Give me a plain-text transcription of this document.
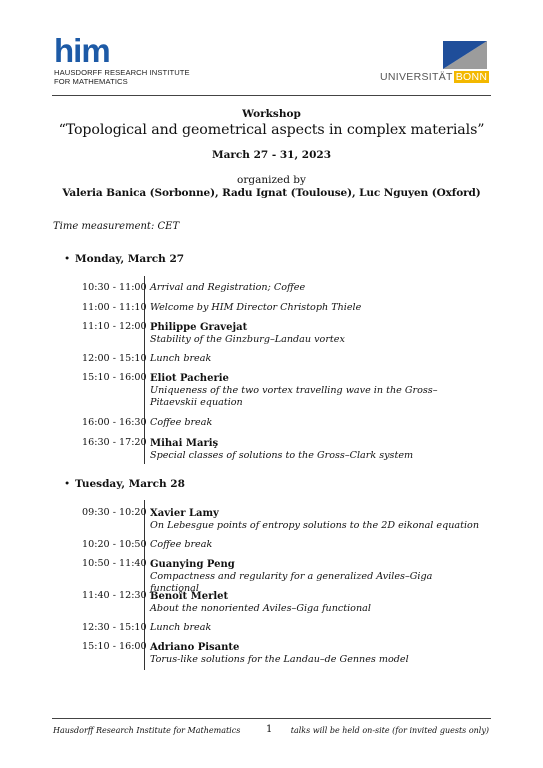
him
HAUSDORFF RESEARCH INSTITUTE
FOR MATHEMATICS	UNIVERSITÄT BONN
Workshop
“Topological and geometrical aspects in complex materials”
March 27 - 31, 2023
organized by
Valeria Banica (Sorbonne), Radu Ignat (Toulouse), Luc Nguyen (Oxford)
Time measurement: CET
• Monday, March 27
10:30 - 11:00 Arrival and Registration; Coffee
11:00 - 11:10 Welcome by HIM Director Christoph Thiele
11:10 - 12:00 Philippe Gravejat
Stability of the Ginzburg–Landau vortex
12:00 - 15:10 Lunch break
15:10 - 16:00 Eliot Pacherie
Uniqueness of the two vortex travelling wave in the Gross–Pitaevskii equation
16:00 - 16:30 Coffee break
16:30 - 17:20 Mihai Mariş
Special classes of solutions to the Gross–Clark system
• Tuesday, March 28
09:30 - 10:20 Xavier Lamy
On Lebesgue points of entropy solutions to the 2D eikonal equation
10:20 - 10:50 Coffee break
10:50 - 11:40 Guanying Peng
Compactness and regularity for a generalized Aviles–Giga functional
11:40 - 12:30 Benoît Merlet
About the nonoriented Aviles–Giga functional
12:30 - 15:10 Lunch break
15:10 - 16:00 Adriano Pisante
Torus-like solutions for the Landau–de Gennes model
Hausdorff Research Institute for Mathematics	1 talks will be held on-site (for invited guests only)
